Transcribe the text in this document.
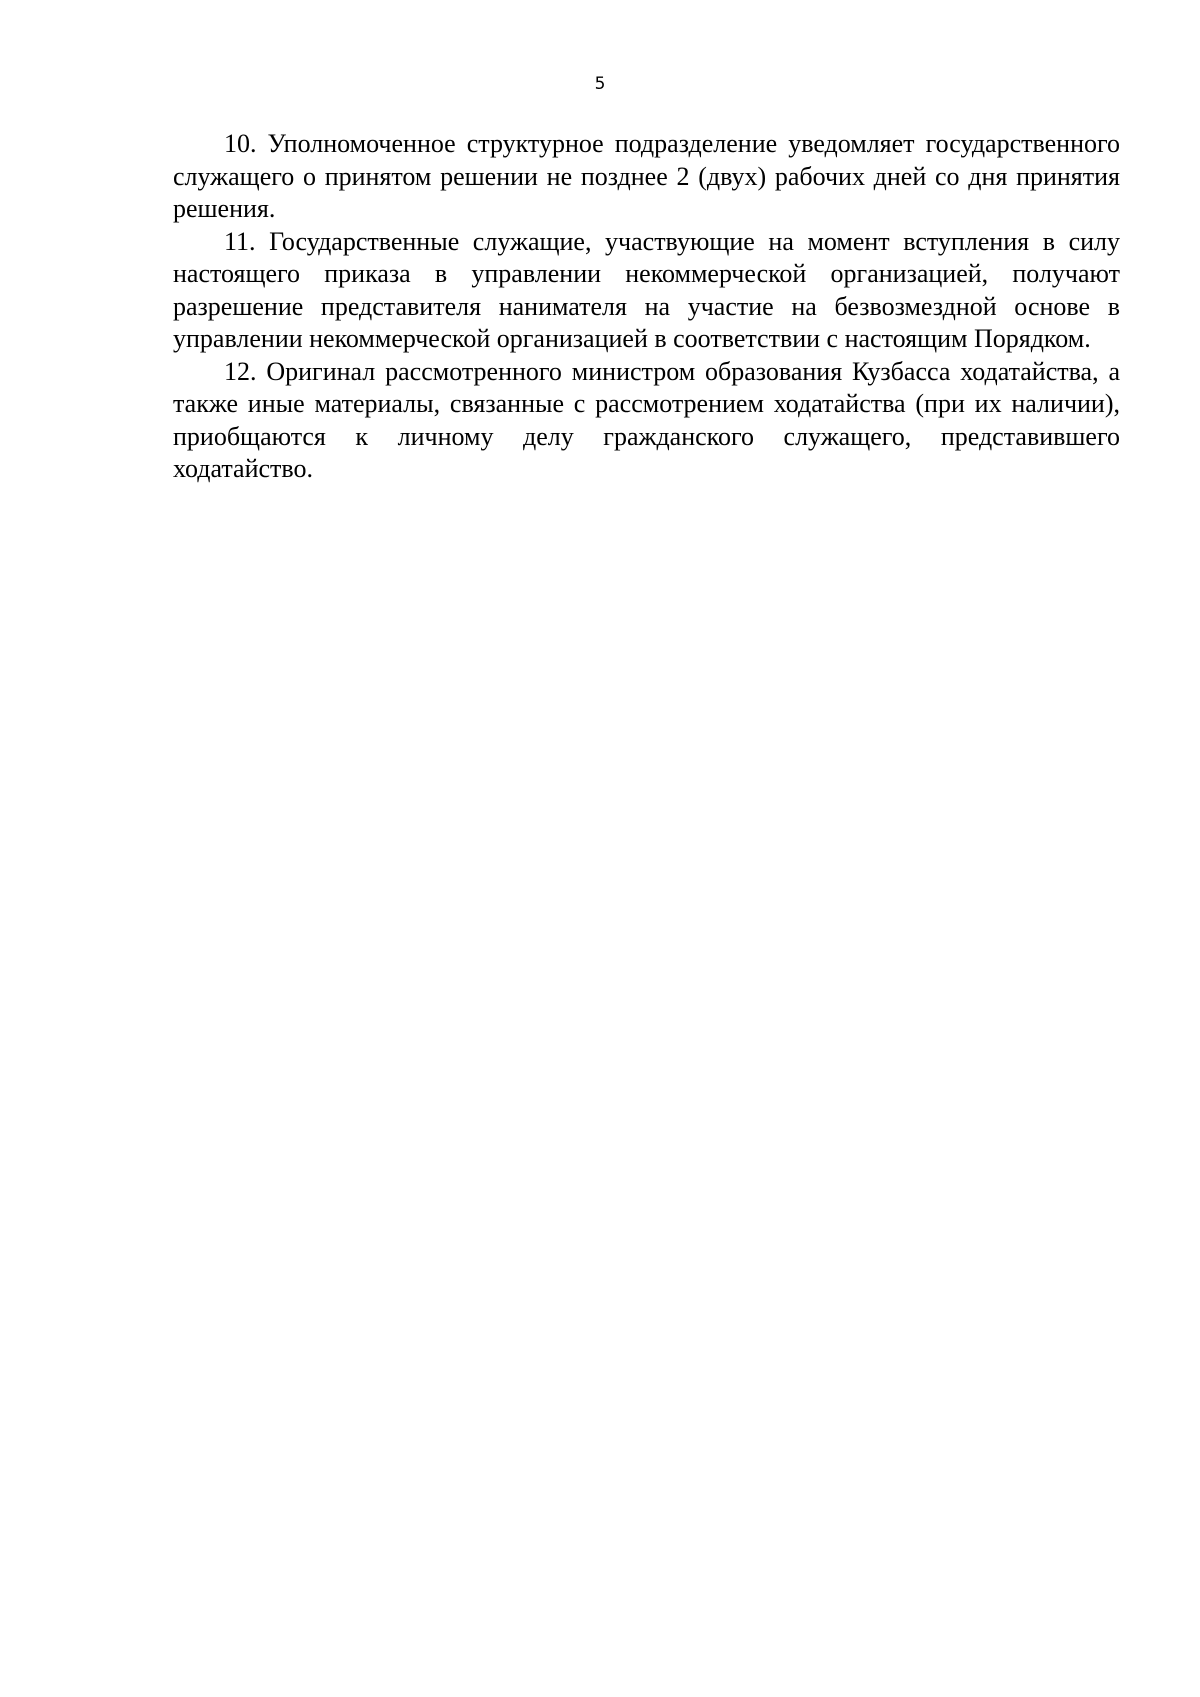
5

10. Уполномоченное структурное подразделение уведомляет государственного служащего о принятом решении не позднее 2 (двух) рабочих дней со дня принятия решения.

11. Государственные служащие, участвующие на момент вступления в силу настоящего приказа в управлении некоммерческой организацией, получают разрешение представителя нанимателя на участие на безвозмездной основе в управлении некоммерческой организацией в соответствии с настоящим Порядком.

12. Оригинал рассмотренного министром образования Кузбасса ходатайства, а также иные материалы, связанные с рассмотрением ходатайства (при их наличии), приобщаются к личному делу гражданского служащего, представившего ходатайство.
